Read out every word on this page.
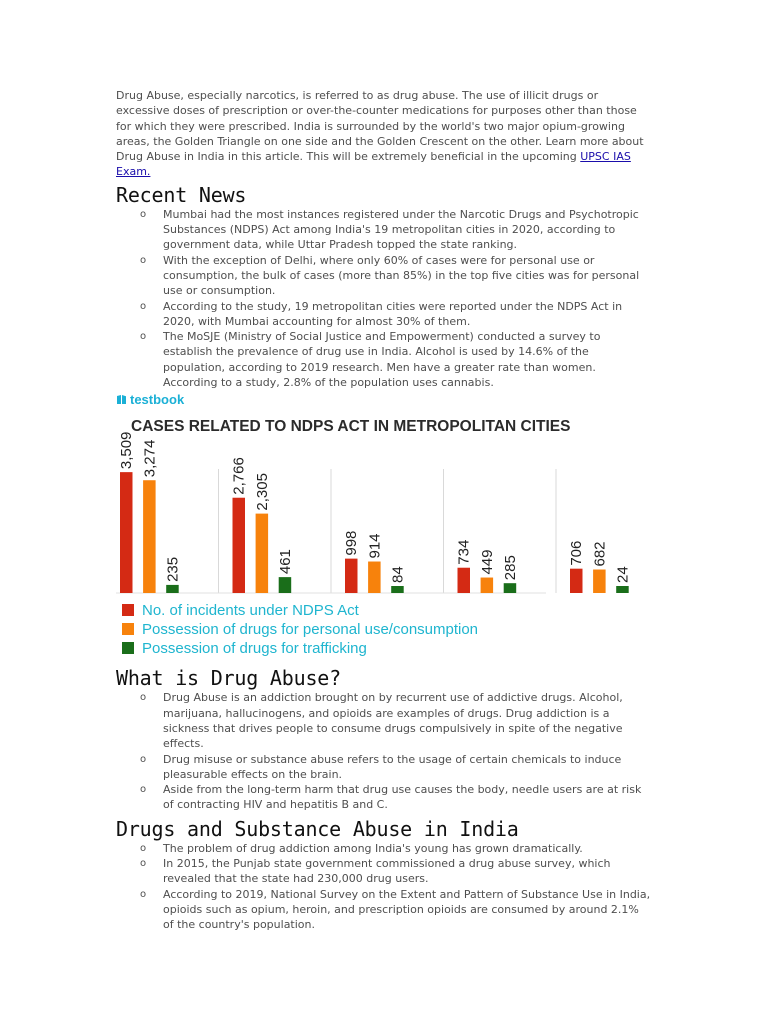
Drug Abuse, especially narcotics, is referred to as drug abuse. The use of illicit drugs or excessive doses of prescription or over-the-counter medications for purposes other than those for which they were prescribed. India is surrounded by the world's two major opium-growing areas, the Golden Triangle on one side and the Golden Crescent on the other. Learn more about Drug Abuse in India in this article. This will be extremely beneficial in the upcoming UPSC IAS Exam.

Recent News
o Mumbai had the most instances registered under the Narcotic Drugs and Psychotropic Substances (NDPS) Act among India's 19 metropolitan cities in 2020, according to government data, while Uttar Pradesh topped the state ranking.
o With the exception of Delhi, where only 60% of cases were for personal use or consumption, the bulk of cases (more than 85%) in the top five cities was for personal use or consumption.
o According to the study, 19 metropolitan cities were reported under the NDPS Act in 2020, with Mumbai accounting for almost 30% of them.
o The MoSJE (Ministry of Social Justice and Empowerment) conducted a survey to establish the prevalence of drug use in India. Alcohol is used by 14.6% of the population, according to 2019 research. Men have a greater rate than women. According to a study, 2.8% of the population uses cannabis.
testbook
CASES RELATED TO NDPS ACT IN METROPOLITAN CITIES
3,509 3,274
235
2,766 2,305
461
998 914
84
734 449 285
706 682
24
No. of incidents under NDPS Act
Possession of drugs for personal use/consumption
Possession of drugs for trafficking
What is Drug Abuse?
o Drug Abuse is an addiction brought on by recurrent use of addictive drugs. Alcohol, marijuana, hallucinogens, and opioids are examples of drugs. Drug addiction is a sickness that drives people to consume drugs compulsively in spite of the negative effects.
o Drug misuse or substance abuse refers to the usage of certain chemicals to induce pleasurable effects on the brain.
o Aside from the long-term harm that drug use causes the body, needle users are at risk of contracting HIV and hepatitis B and C.
Drugs and Substance Abuse in India
o The problem of drug addiction among India's young has grown dramatically.
o In 2015, the Punjab state government commissioned a drug abuse survey, which revealed that the state had 230,000 drug users.
o According to 2019, National Survey on the Extent and Pattern of Substance Use in India, opioids such as opium, heroin, and prescription opioids are consumed by around 2.1% of the country's population.
